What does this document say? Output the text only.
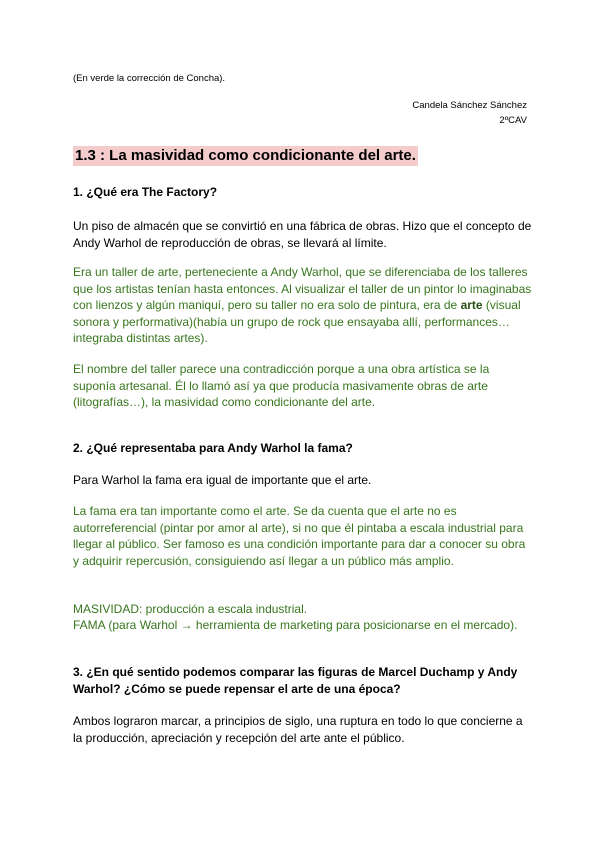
(En verde la corrección de Concha).

Candela Sánchez Sánchez
2ºCAV
1.3 : La masividad como condicionante del arte.

1. ¿Qué era The Factory?

Un piso de almacén que se convirtió en una fábrica de obras. Hizo que el concepto de Andy Warhol de reproducción de obras, se llevará al límite.

Era un taller de arte, perteneciente a Andy Warhol, que se diferenciaba de los talleres que los artistas tenían hasta entonces. Al visualizar el taller de un pintor lo imaginabas con lienzos y algún maniquí, pero su taller no era solo de pintura, era de arte (visual sonora y performativa)(había un grupo de rock que ensayaba allí, performances… integraba distintas artes).

El nombre del taller parece una contradicción porque a una obra artística se la suponía artesanal. Él lo llamó así ya que producía masivamente obras de arte (litografías…), la masividad como condicionante del arte.

2. ¿Qué representaba para Andy Warhol la fama?

Para Warhol la fama era igual de importante que el arte.

La fama era tan importante como el arte. Se da cuenta que el arte no es autorreferencial (pintar por amor al arte), si no que él pintaba a escala industrial para llegar al público. Ser famoso es una condición importante para dar a conocer su obra y adquirir repercusión, consiguiendo así llegar a un público más amplio.

MASIVIDAD: producción a escala industrial.

FAMA (para Warhol → herramienta de marketing para posicionarse en el mercado).

3. ¿En qué sentido podemos comparar las figuras de Marcel Duchamp y Andy Warhol? ¿Cómo se puede repensar el arte de una época?

Ambos lograron marcar, a principios de siglo, una ruptura en todo lo que concierne a la producción, apreciación y recepción del arte ante el público.
